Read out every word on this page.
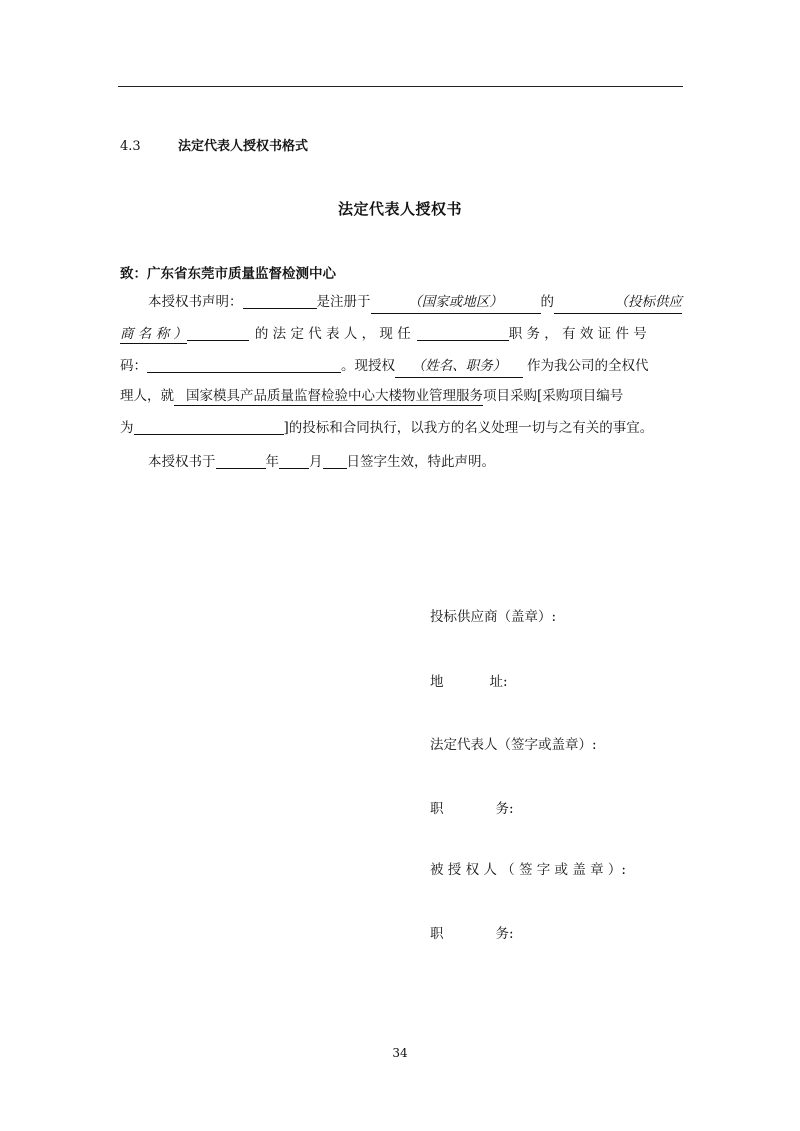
4.3	法定代表人授权书格式
法定代表人授权书
致：广东省东莞市质量监督检测中心
本授权书声明：	是注册于	（国家或地区）	的	（投标供应
商 名 称 ）	的 法 定 代 表 人 ， 现 任	职 务 ， 有 效 证 件 号
码：	。现授权 （姓名、职务） 作为我公司的全权代
理人，就 国家模具产品质量监督检验中心大楼物业管理服务项目采购[采购项目编号
为	]的投标和合同执行，以我方的名义处理一切与之有关的事宜。
本授权书于	年 月 日签字生效，特此声明。
投标供应商（盖章）:
地	址:
法定代表人（签字或盖章）:
职	务:
被 授 权 人 （ 签 字 或 盖 章 ）:
职	务:
34
